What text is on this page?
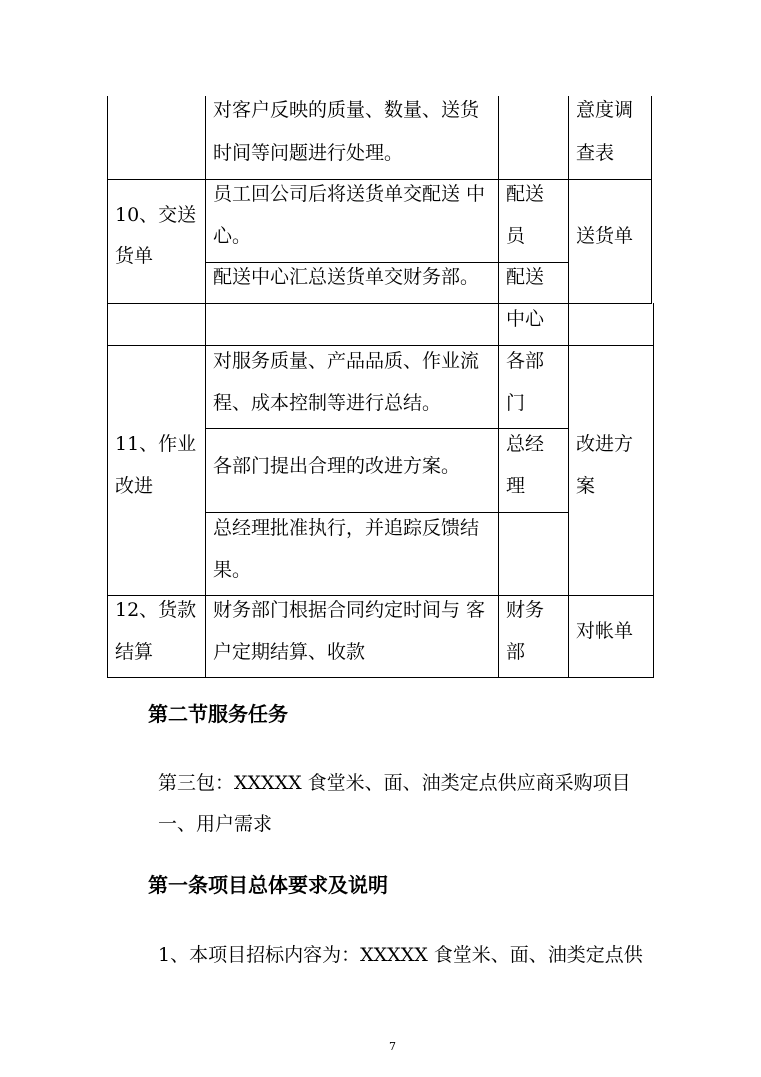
对客户反映的质量、数量、送货
时间等问题进行处理。
意度调
查表
10、交送
货单
员工回公司后将送货单交配送 中
心。
配送
员	送货单
配送中心汇总送货单交财务部。 配送
中心
11、作业
改进
对服务质量、产品品质、作业流
程、成本控制等进行总结。
各部
门
各部门提出合理的改进方案。
总经
理
总经理批准执行，并追踪反馈结
果。
改进方
案
12、货款
结算
财务部门根据合同约定时间与 客
户定期结算、收款
财务
部
对帐单
第二节服务任务
第三包：XXXXX 食堂米、面、油类定点供应商采购项目
一、用户需求
第一条项目总体要求及说明
1、本项目招标内容为：XXXXX 食堂米、面、油类定点供
7
